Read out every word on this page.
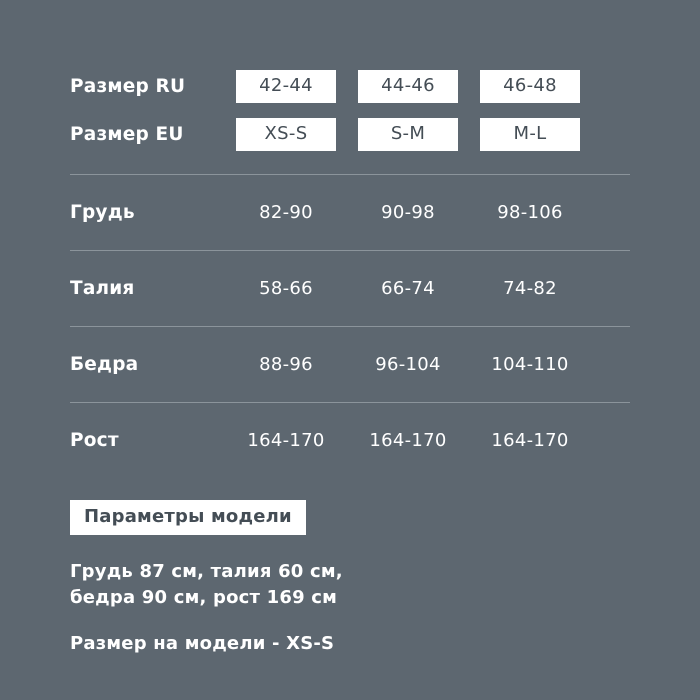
Размер RU	42-44	44-46	46-48
Размер EU	XS-S	S-M	M-L
Грудь	82-90	90-98	98-106
Талия	58-66	66-74	74-82
Бедра	88-96	96-104	104-110
Рост	164-170	164-170	164-170
Параметры модели
Грудь 87 см, талия 60 см,
бедра 90 см, рост 169 см
Размер на модели - XS-S
